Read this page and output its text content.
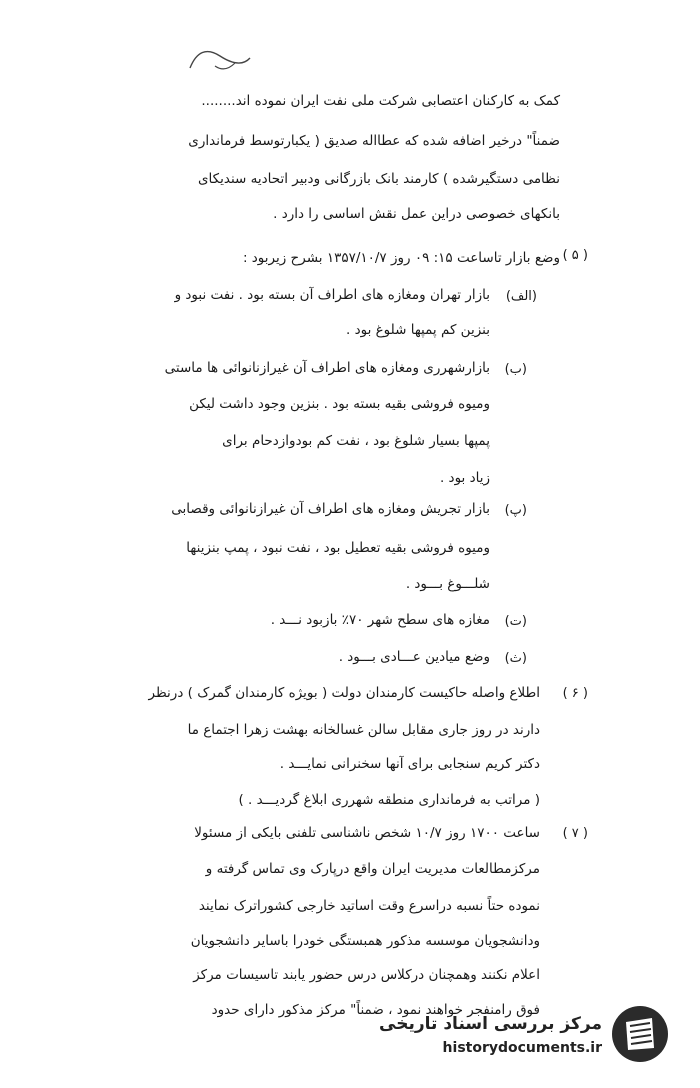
کمک به کارکنان اعتصابی شرکت ملی نفت ایران نموده اند........
ضمناً" درخیر اضافه شده که عطااله صدیق ( یکبارتوسط فرمانداری
نظامی دستگیرشده ) کارمند بانک بازرگانی ودبیر اتحادیه سندیکای
بانکهای خصوصی دراین عمل نقش اساسی را دارد .
( ۵ )
وضع بازار تاساعت ۱۵: ۰۹ روز ۱۳۵۷/۱۰/۷ بشرح زیربود :
(الف)
بازار تهران ومغازه های اطراف آن بسته بود . نفت نبود و
بنزین کم پمپها شلوغ بود .
(ب)
بازارشهرری ومغازه های اطراف آن غیرازنانوائی ها ماستی
ومیوه فروشی بقیه بسته بود . بنزین وجود داشت لیکن
پمپها بسیار شلوغ بود ، نفت کم بودوازدحام برای
زیاد بود .
(پ)
بازار تجریش ومغازه های اطراف آن غیرازنانوائی وقصابی
ومیوه فروشی بقیه تعطیل بود ، نفت نبود ، پمپ بنزینها
شلـــوغ بـــود .
(ت)
مغازه های سطح شهر ۷۰٪ بازبود نـــد .
(ث)
وضع میادین عـــادی بـــود .
( ۶ )
اطلاع واصله حاکیست کارمندان دولت ( بویژه کارمندان گمرک ) درنظر
دارند در روز جاری مقابل سالن غسالخانه بهشت زهرا اجتماع ما
دکتر کریم سنجابی برای آنها سخنرانی نمایـــد .
( مراتب به فرمانداری منطقه شهرری ابلاغ گردیـــد . )
( ۷ )
ساعت ۱۷۰۰ روز ۱۰/۷ شخص ناشناسی تلفنی بایکی از مسئولا
مرکزمطالعات مدیریت ایران واقع درپارک وی تماس گرفته و
نموده حتاً نسبه دراسرع وقت اساتید خارجی کشوراترک نمایند
ودانشجویان موسسه مذکور همبستگی خودرا باسایر دانشجویان
اعلام نکنند وهمچنان درکلاس درس حضور یابند تاسیسات مرکز
فوق رامنفجر خواهند نمود ، ضمناً" مرکز مذکور دارای حدود
مرکز بررسی اسناد تاریخی
historydocuments.ir
